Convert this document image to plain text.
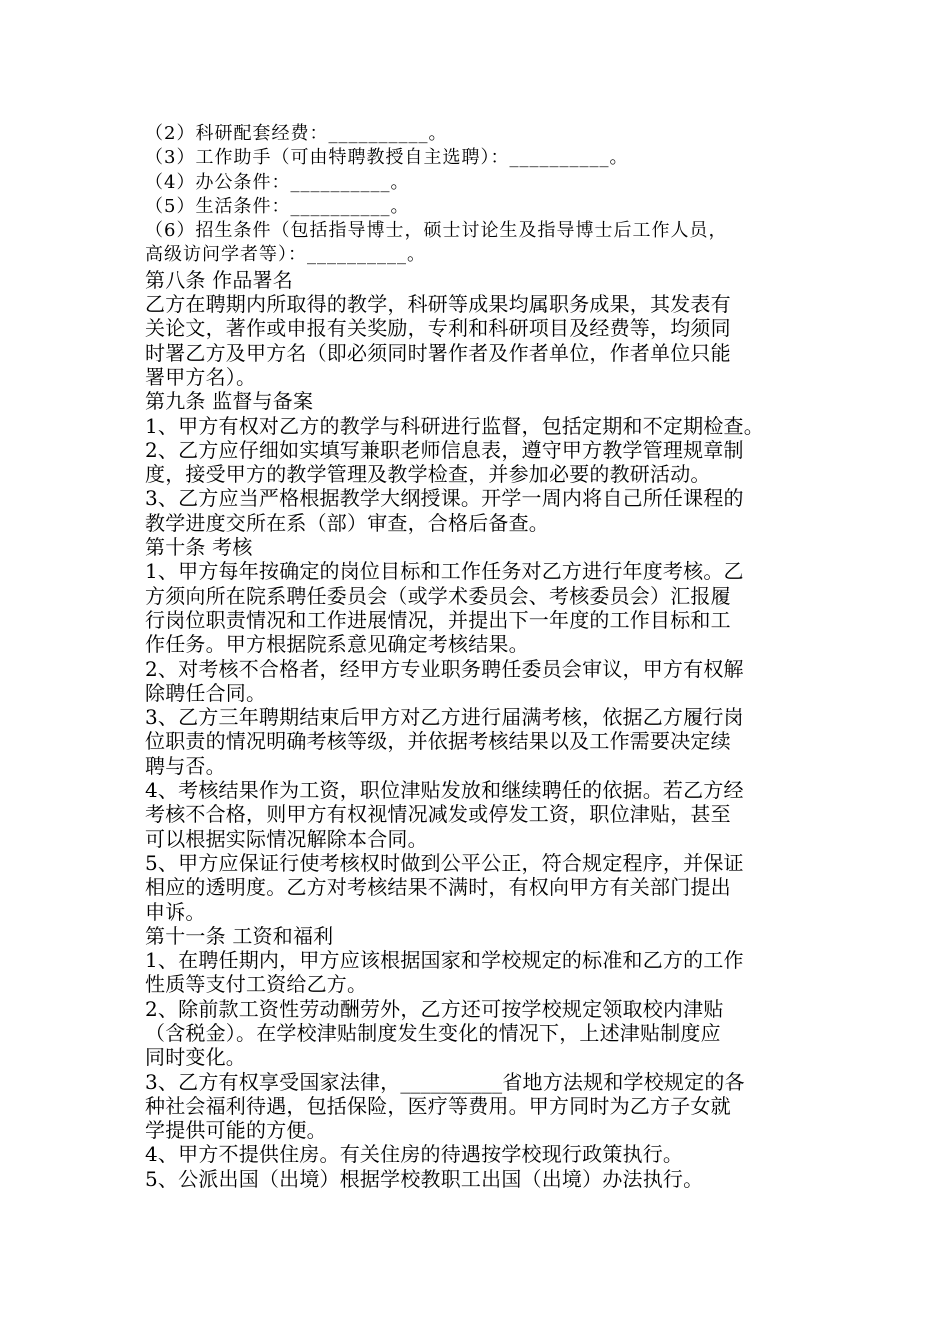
（2）科研配套经费：__________。
（3）工作助手（可由特聘教授自主选聘）：__________。
（4）办公条件：__________。
（5）生活条件：__________。
（6）招生条件（包括指导博士，硕士讨论生及指导博士后工作人员，
高级访问学者等）：__________。
第八条 作品署名
乙方在聘期内所取得的教学，科研等成果均属职务成果，其发表有
关论文，著作或申报有关奖励，专利和科研项目及经费等，均须同
时署乙方及甲方名（即必须同时署作者及作者单位，作者单位只能
署甲方名）。
第九条 监督与备案
1、甲方有权对乙方的教学与科研进行监督，包括定期和不定期检查。
2、乙方应仔细如实填写兼职老师信息表，遵守甲方教学管理规章制
度，接受甲方的教学管理及教学检查，并参加必要的教研活动。
3、乙方应当严格根据教学大纲授课。开学一周内将自己所任课程的
教学进度交所在系（部）审查，合格后备查。
第十条 考核
1、甲方每年按确定的岗位目标和工作任务对乙方进行年度考核。乙
方须向所在院系聘任委员会（或学术委员会、考核委员会）汇报履
行岗位职责情况和工作进展情况，并提出下一年度的工作目标和工
作任务。甲方根据院系意见确定考核结果。
2、对考核不合格者，经甲方专业职务聘任委员会审议，甲方有权解
除聘任合同。
3、乙方三年聘期结束后甲方对乙方进行届满考核，依据乙方履行岗
位职责的情况明确考核等级，并依据考核结果以及工作需要决定续
聘与否。
4、考核结果作为工资，职位津贴发放和继续聘任的依据。若乙方经
考核不合格，则甲方有权视情况减发或停发工资，职位津贴，甚至
可以根据实际情况解除本合同。
5、甲方应保证行使考核权时做到公平公正，符合规定程序，并保证
相应的透明度。乙方对考核结果不满时，有权向甲方有关部门提出
申诉。
第十一条 工资和福利
1、在聘任期内，甲方应该根据国家和学校规定的标准和乙方的工作
性质等支付工资给乙方。
2、除前款工资性劳动酬劳外，乙方还可按学校规定领取校内津贴
（含税金）。在学校津贴制度发生变化的情况下，上述津贴制度应
同时变化。
3、乙方有权享受国家法律，__________省地方法规和学校规定的各
种社会福利待遇，包括保险，医疗等费用。甲方同时为乙方子女就
学提供可能的方便。
4、甲方不提供住房。有关住房的待遇按学校现行政策执行。
5、公派出国（出境）根据学校教职工出国（出境）办法执行。
